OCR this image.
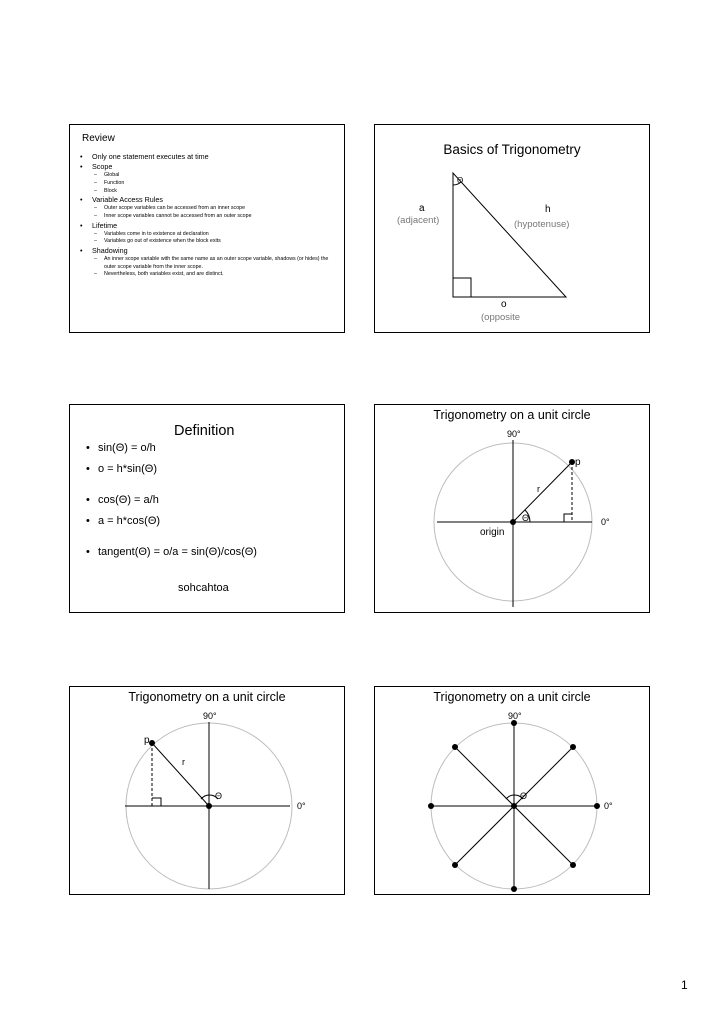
Review
• Only one statement executes at time
• Scope
– Global
– Function
– Block
• Variable Access Rules
– Outer scope variables can be accessed from an inner scope
– Inner scope variables cannot be accessed from an outer scope
• Lifetime
– Variables come in to existence at declaration
– Variables go out of existence when the block exits
• Shadowing
– An inner scope variable with the same name as an outer scope variable, shadows (or hides) the outer scope variable from the inner scope.
– Nevertheless, both variables exist, and are distinct.
Basics of Trigonometry
Θ
a
(adjacent)
h
(hypotenuse)
o
(opposite
Definition
• sin(Θ) = o/h
• o = h*sin(Θ)
• cos(Θ) = a/h
• a = h*cos(Θ)
• tangent(Θ) = o/a = sin(Θ)/cos(Θ)
sohcahtoa
Trigonometry on a unit circle
90°
0°
p
r
Θ
origin
Trigonometry on a unit circle
90°
0°
p
r
Θ
Trigonometry on a unit circle
90°
0°
Θ
1
